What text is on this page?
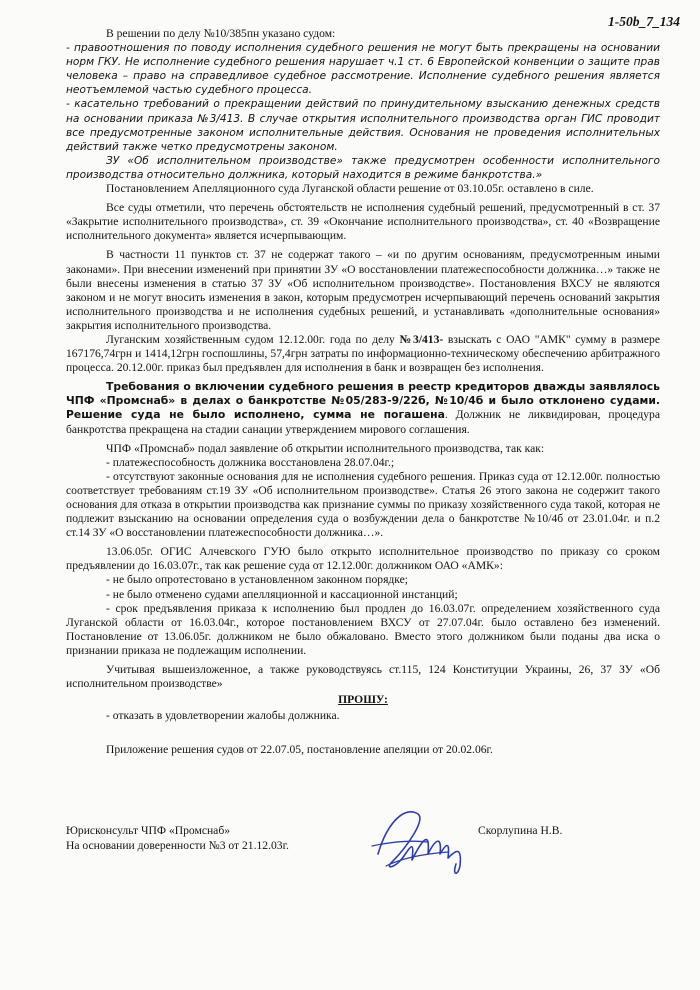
1-50b_7_134

В решении по делу №10/385пн указано судом:

- правоотношения по поводу исполнения судебного решения не могут быть прекращены на основании норм ГКУ. Не исполнение судебного решения нарушает ч.1 ст. 6 Европейской конвенции о защите прав человека – право на справедливое судебное рассмотрение. Исполнение судебного решения является неотъемлемой частью судебного процесса.

- касательно требований о прекращении действий по принудительному взысканию денежных средств на основании приказа №3/413. В случае открытия исполнительного производства орган ГИС проводит все предусмотренные законом исполнительные действия. Основания не проведения исполнительных действий также четко предусмотрены законом.

ЗУ «Об исполнительном производстве» также предусмотрен особенности исполнительного производства относительно должника, который находится в режиме банкротства.»

Постановлением Апелляционного суда Луганской области решение от 03.10.05г. оставлено в силе.

Все суды отметили, что перечень обстоятельств не исполнения судебный решений, предусмотренный в ст. 37 «Закрытие исполнительного производства», ст. 39 «Окончание исполнительного производства», ст. 40 «Возвращение исполнительного документа» является исчерпывающим.

В частности 11 пунктов ст. 37 не содержат такого – «и по другим основаниям, предусмотренным иными законами». При внесении изменений при принятии ЗУ «О восстановлении платежеспособности должника…» также не были внесены изменения в статью 37 ЗУ «Об исполнительном производстве». Постановления ВХСУ не являются законом и не могут вносить изменения в закон, которым предусмотрен исчерпывающий перечень оснований закрытия исполнительного производства и не исполнения судебных решений, и устанавливать «дополнительные основания» закрытия исполнительного производства.

Луганским хозяйственным судом 12.12.00г. года по делу №3/413- взыскать с ОАО "АМК" сумму в размере 167176,74грн и 1414,12грн госпошлины, 57,4грн затраты по информационно-техническому обеспечению арбитражного процесса. 20.12.00г. приказ был предъявлен для исполнения в банк и возвращен без исполнения.

Требования о включении судебного решения в реестр кредиторов дважды заявлялось ЧПФ «Промснаб» в делах о банкротстве №05/283-9/22б, №10/4б и было отклонено судами. Решение суда не было исполнено, сумма не погашена. Должник не ликвидирован, процедура банкротства прекращена на стадии санации утверждением мирового соглашения.

ЧПФ «Промснаб» подал заявление об открытии исполнительного производства, так как:

- платежеспособность должника восстановлена 28.07.04г.;

- отсутствуют законные основания для не исполнения судебного решения. Приказ суда от 12.12.00г. полностью соответствует требованиям ст.19 ЗУ «Об исполнительном производстве». Статья 26 этого закона не содержит такого основания для отказа в открытии производства как признание суммы по приказу хозяйственного суда такой, которая не подлежит взысканию на основании определения суда о возбуждении дела о банкротстве №10/4б от 23.01.04г. и п.2 ст.14 ЗУ «О восстановлении платежеспособности должника…».

13.06.05г. ОГИС Алчевского ГУЮ было открыто исполнительное производство по приказу со сроком предъявлении до 16.03.07г., так как решение суда от 12.12.00г. должником ОАО «АМК»:

- не было опротестовано в установленном законном порядке;

- не было отменено судами апелляционной и кассационной инстанций;

- срок предъявления приказа к исполнению был продлен до 16.03.07г. определением хозяйственного суда Луганской области от 16.03.04г., которое постановлением ВХСУ от 27.07.04г. было оставлено без изменений. Постановление от 13.06.05г. должником не было обжаловано. Вместо этого должником были поданы два иска о признании приказа не подлежащим исполнении.

Учитывая вышеизложенное, а также руководствуясь ст.115, 124 Конституции Украины, 26, 37 ЗУ «Об исполнительном производстве»

ПРОШУ:

- отказать в удовлетворении жалобы должника.

Приложение решения судов от 22.07.05, постановление апеляции от 20.02.06г.

Юрисконсульт ЧПФ «Промснаб»
На основании доверенности №3 от 21.12.03г.
Скорлупина Н.В.
